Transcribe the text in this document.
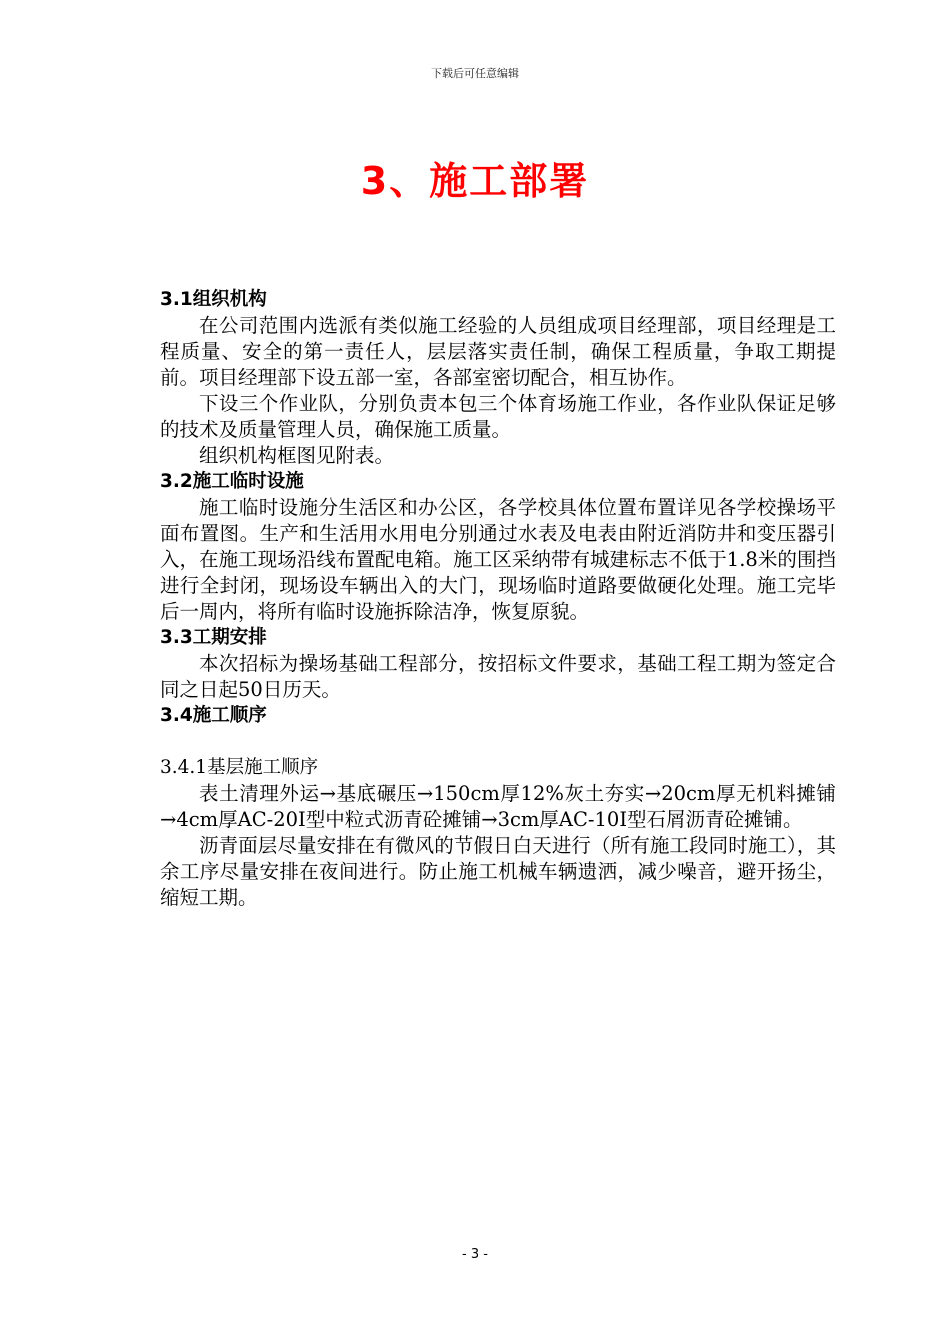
下载后可任意编辑
3、施工部署

3.1组织机构

在公司范围内选派有类似施工经验的人员组成项目经理部，项目经理是工程质量、安全的第一责任人，层层落实责任制，确保工程质量，争取工期提前。项目经理部下设五部一室，各部室密切配合，相互协作。

下设三个作业队，分别负责本包三个体育场施工作业，各作业队保证足够的技术及质量管理人员，确保施工质量。

组织机构框图见附表。

3.2施工临时设施

施工临时设施分生活区和办公区，各学校具体位置布置详见各学校操场平面布置图。生产和生活用水用电分别通过水表及电表由附近消防井和变压器引入，在施工现场沿线布置配电箱。施工区采纳带有城建标志不低于1.8米的围挡进行全封闭，现场设车辆出入的大门，现场临时道路要做硬化处理。施工完毕后一周内，将所有临时设施拆除洁净，恢复原貌。

3.3工期安排

本次招标为操场基础工程部分，按招标文件要求，基础工程工期为签定合同之日起50日历天。

3.4施工顺序

3.4.1基层施工顺序

表土清理外运→基底碾压→150cm厚12%灰土夯实→20cm厚无机料摊铺→4cm厚AC-20I型中粒式沥青砼摊铺→3cm厚AC-10I型石屑沥青砼摊铺。

沥青面层尽量安排在有微风的节假日白天进行（所有施工段同时施工），其余工序尽量安排在夜间进行。防止施工机械车辆遗洒，减少噪音，避开扬尘，缩短工期。

- 3 -
